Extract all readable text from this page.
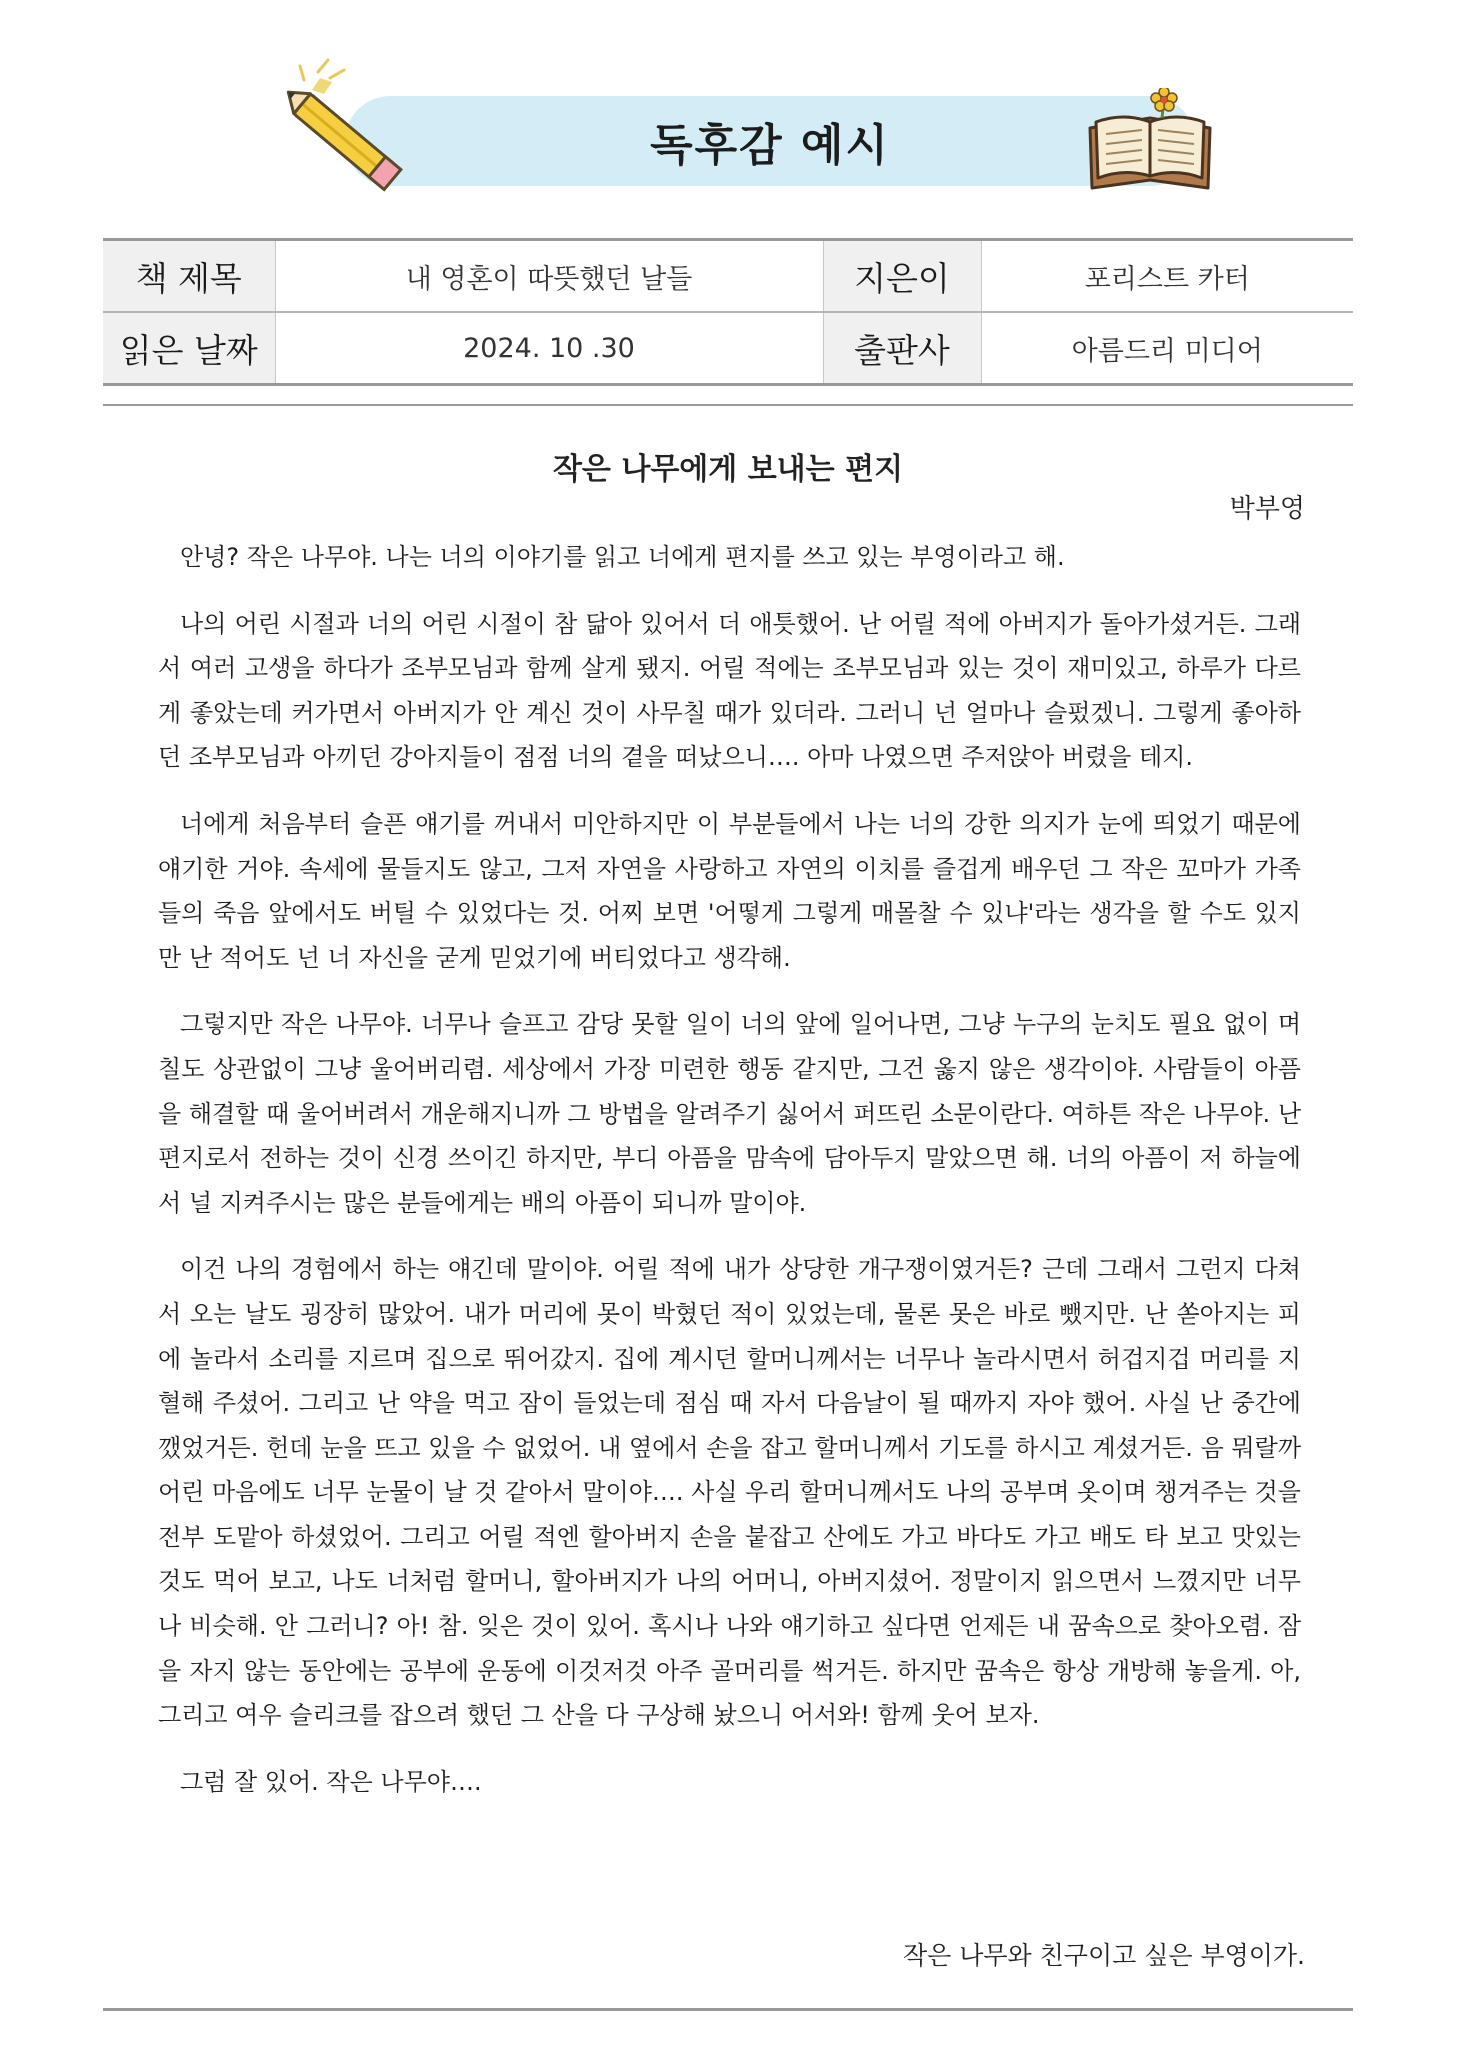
독후감 예시
책 제목	내 영혼이 따뜻했던 날들	지은이	포리스트 카터
읽은 날짜	2024. 10 .30	출판사	아름드리 미디어
작은 나무에게 보내는 편지
박부영

안녕? 작은 나무야. 나는 너의 이야기를 읽고 너에게 편지를 쓰고 있는 부영이라고 해.

나의 어린 시절과 너의 어린 시절이 참 닮아 있어서 더 애틋했어. 난 어릴 적에 아버지가 돌아가셨거든. 그래서 여러 고생을 하다가 조부모님과 함께 살게 됐지. 어릴 적에는 조부모님과 있는 것이 재미있고, 하루가 다르게 좋았는데 커가면서 아버지가 안 계신 것이 사무칠 때가 있더라. 그러니 넌 얼마나 슬펐겠니. 그렇게 좋아하던 조부모님과 아끼던 강아지들이 점점 너의 곁을 떠났으니…. 아마 나였으면 주저앉아 버렸을 테지.

너에게 처음부터 슬픈 얘기를 꺼내서 미안하지만 이 부분들에서 나는 너의 강한 의지가 눈에 띄었기 때문에 얘기한 거야. 속세에 물들지도 않고, 그저 자연을 사랑하고 자연의 이치를 즐겁게 배우던 그 작은 꼬마가 가족들의 죽음 앞에서도 버틸 수 있었다는 것. 어찌 보면 '어떻게 그렇게 매몰찰 수 있냐'라는 생각을 할 수도 있지만 난 적어도 넌 너 자신을 굳게 믿었기에 버티었다고 생각해.

그렇지만 작은 나무야. 너무나 슬프고 감당 못할 일이 너의 앞에 일어나면, 그냥 누구의 눈치도 필요 없이 며칠도 상관없이 그냥 울어버리렴. 세상에서 가장 미련한 행동 같지만, 그건 옳지 않은 생각이야. 사람들이 아픔을 해결할 때 울어버려서 개운해지니까 그 방법을 알려주기 싫어서 퍼뜨린 소문이란다. 여하튼 작은 나무야. 난 편지로서 전하는 것이 신경 쓰이긴 하지만, 부디 아픔을 맘속에 담아두지 말았으면 해. 너의 아픔이 저 하늘에서 널 지켜주시는 많은 분들에게는 배의 아픔이 되니까 말이야.

이건 나의 경험에서 하는 얘긴데 말이야. 어릴 적에 내가 상당한 개구쟁이였거든? 근데 그래서 그런지 다쳐서 오는 날도 굉장히 많았어. 내가 머리에 못이 박혔던 적이 있었는데, 물론 못은 바로 뺐지만. 난 쏟아지는 피에 놀라서 소리를 지르며 집으로 뛰어갔지. 집에 계시던 할머니께서는 너무나 놀라시면서 허겁지겁 머리를 지혈해 주셨어. 그리고 난 약을 먹고 잠이 들었는데 점심 때 자서 다음날이 될 때까지 자야 했어. 사실 난 중간에 깼었거든. 헌데 눈을 뜨고 있을 수 없었어. 내 옆에서 손을 잡고 할머니께서 기도를 하시고 계셨거든. 음 뭐랄까 어린 마음에도 너무 눈물이 날 것 같아서 말이야…. 사실 우리 할머니께서도 나의 공부며 옷이며 챙겨주는 것을 전부 도맡아 하셨었어. 그리고 어릴 적엔 할아버지 손을 붙잡고 산에도 가고 바다도 가고 배도 타 보고 맛있는 것도 먹어 보고, 나도 너처럼 할머니, 할아버지가 나의 어머니, 아버지셨어. 정말이지 읽으면서 느꼈지만 너무나 비슷해. 안 그러니? 아! 참. 잊은 것이 있어. 혹시나 나와 얘기하고 싶다면 언제든 내 꿈속으로 찾아오렴. 잠을 자지 않는 동안에는 공부에 운동에 이것저것 아주 골머리를 썩거든. 하지만 꿈속은 항상 개방해 놓을게. 아, 그리고 여우 슬리크를 잡으려 했던 그 산을 다 구상해 놨으니 어서와! 함께 웃어 보자.

그럼 잘 있어. 작은 나무야….

작은 나무와 친구이고 싶은 부영이가.
